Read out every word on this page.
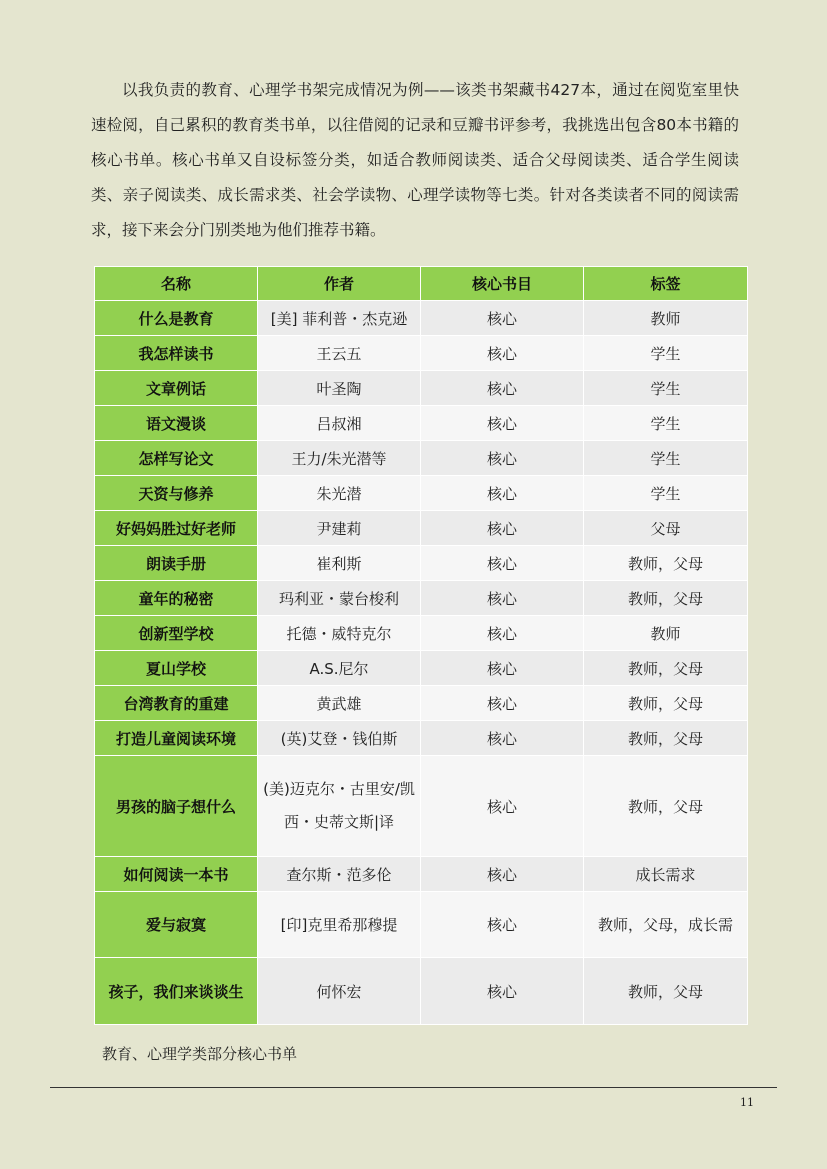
以我负责的教育、心理学书架完成情况为例——该类书架藏书427本，通过在阅览室里快速检阅，自己累积的教育类书单，以往借阅的记录和豆瓣书评参考，我挑选出包含80本书籍的核心书单。核心书单又自设标签分类，如适合教师阅读类、适合父母阅读类、适合学生阅读类、亲子阅读类、成长需求类、社会学读物、心理学读物等七类。针对各类读者不同的阅读需求，接下来会分门别类地为他们推荐书籍。

名称	作者	核心书目	标签
什么是教育	[美] 菲利普・杰克逊	核心	教师
我怎样读书	王云五	核心	学生
文章例话	叶圣陶	核心	学生
语文漫谈	吕叔湘	核心	学生
怎样写论文	王力/朱光潜等	核心	学生
天资与修养	朱光潜	核心	学生
好妈妈胜过好老师	尹建莉	核心	父母
朗读手册	崔利斯	核心	教师，父母
童年的秘密	玛利亚・蒙台梭利	核心	教师，父母
创新型学校	托德・威特克尔	核心	教师
夏山学校	A.S.尼尔	核心	教师，父母
台湾教育的重建	黄武雄	核心	教师，父母
打造儿童阅读环境	(英)艾登・钱伯斯	核心	教师，父母
男孩的脑子想什么	(美)迈克尔・古里安/凯西・史蒂文斯|译	核心	教师，父母
如何阅读一本书	查尔斯・范多伦	核心	成长需求
爱与寂寞	[印]克里希那穆提	核心	教师，父母，成长需
孩子，我们来谈谈生	何怀宏	核心	教师，父母
教育、心理学类部分核心书单
11
